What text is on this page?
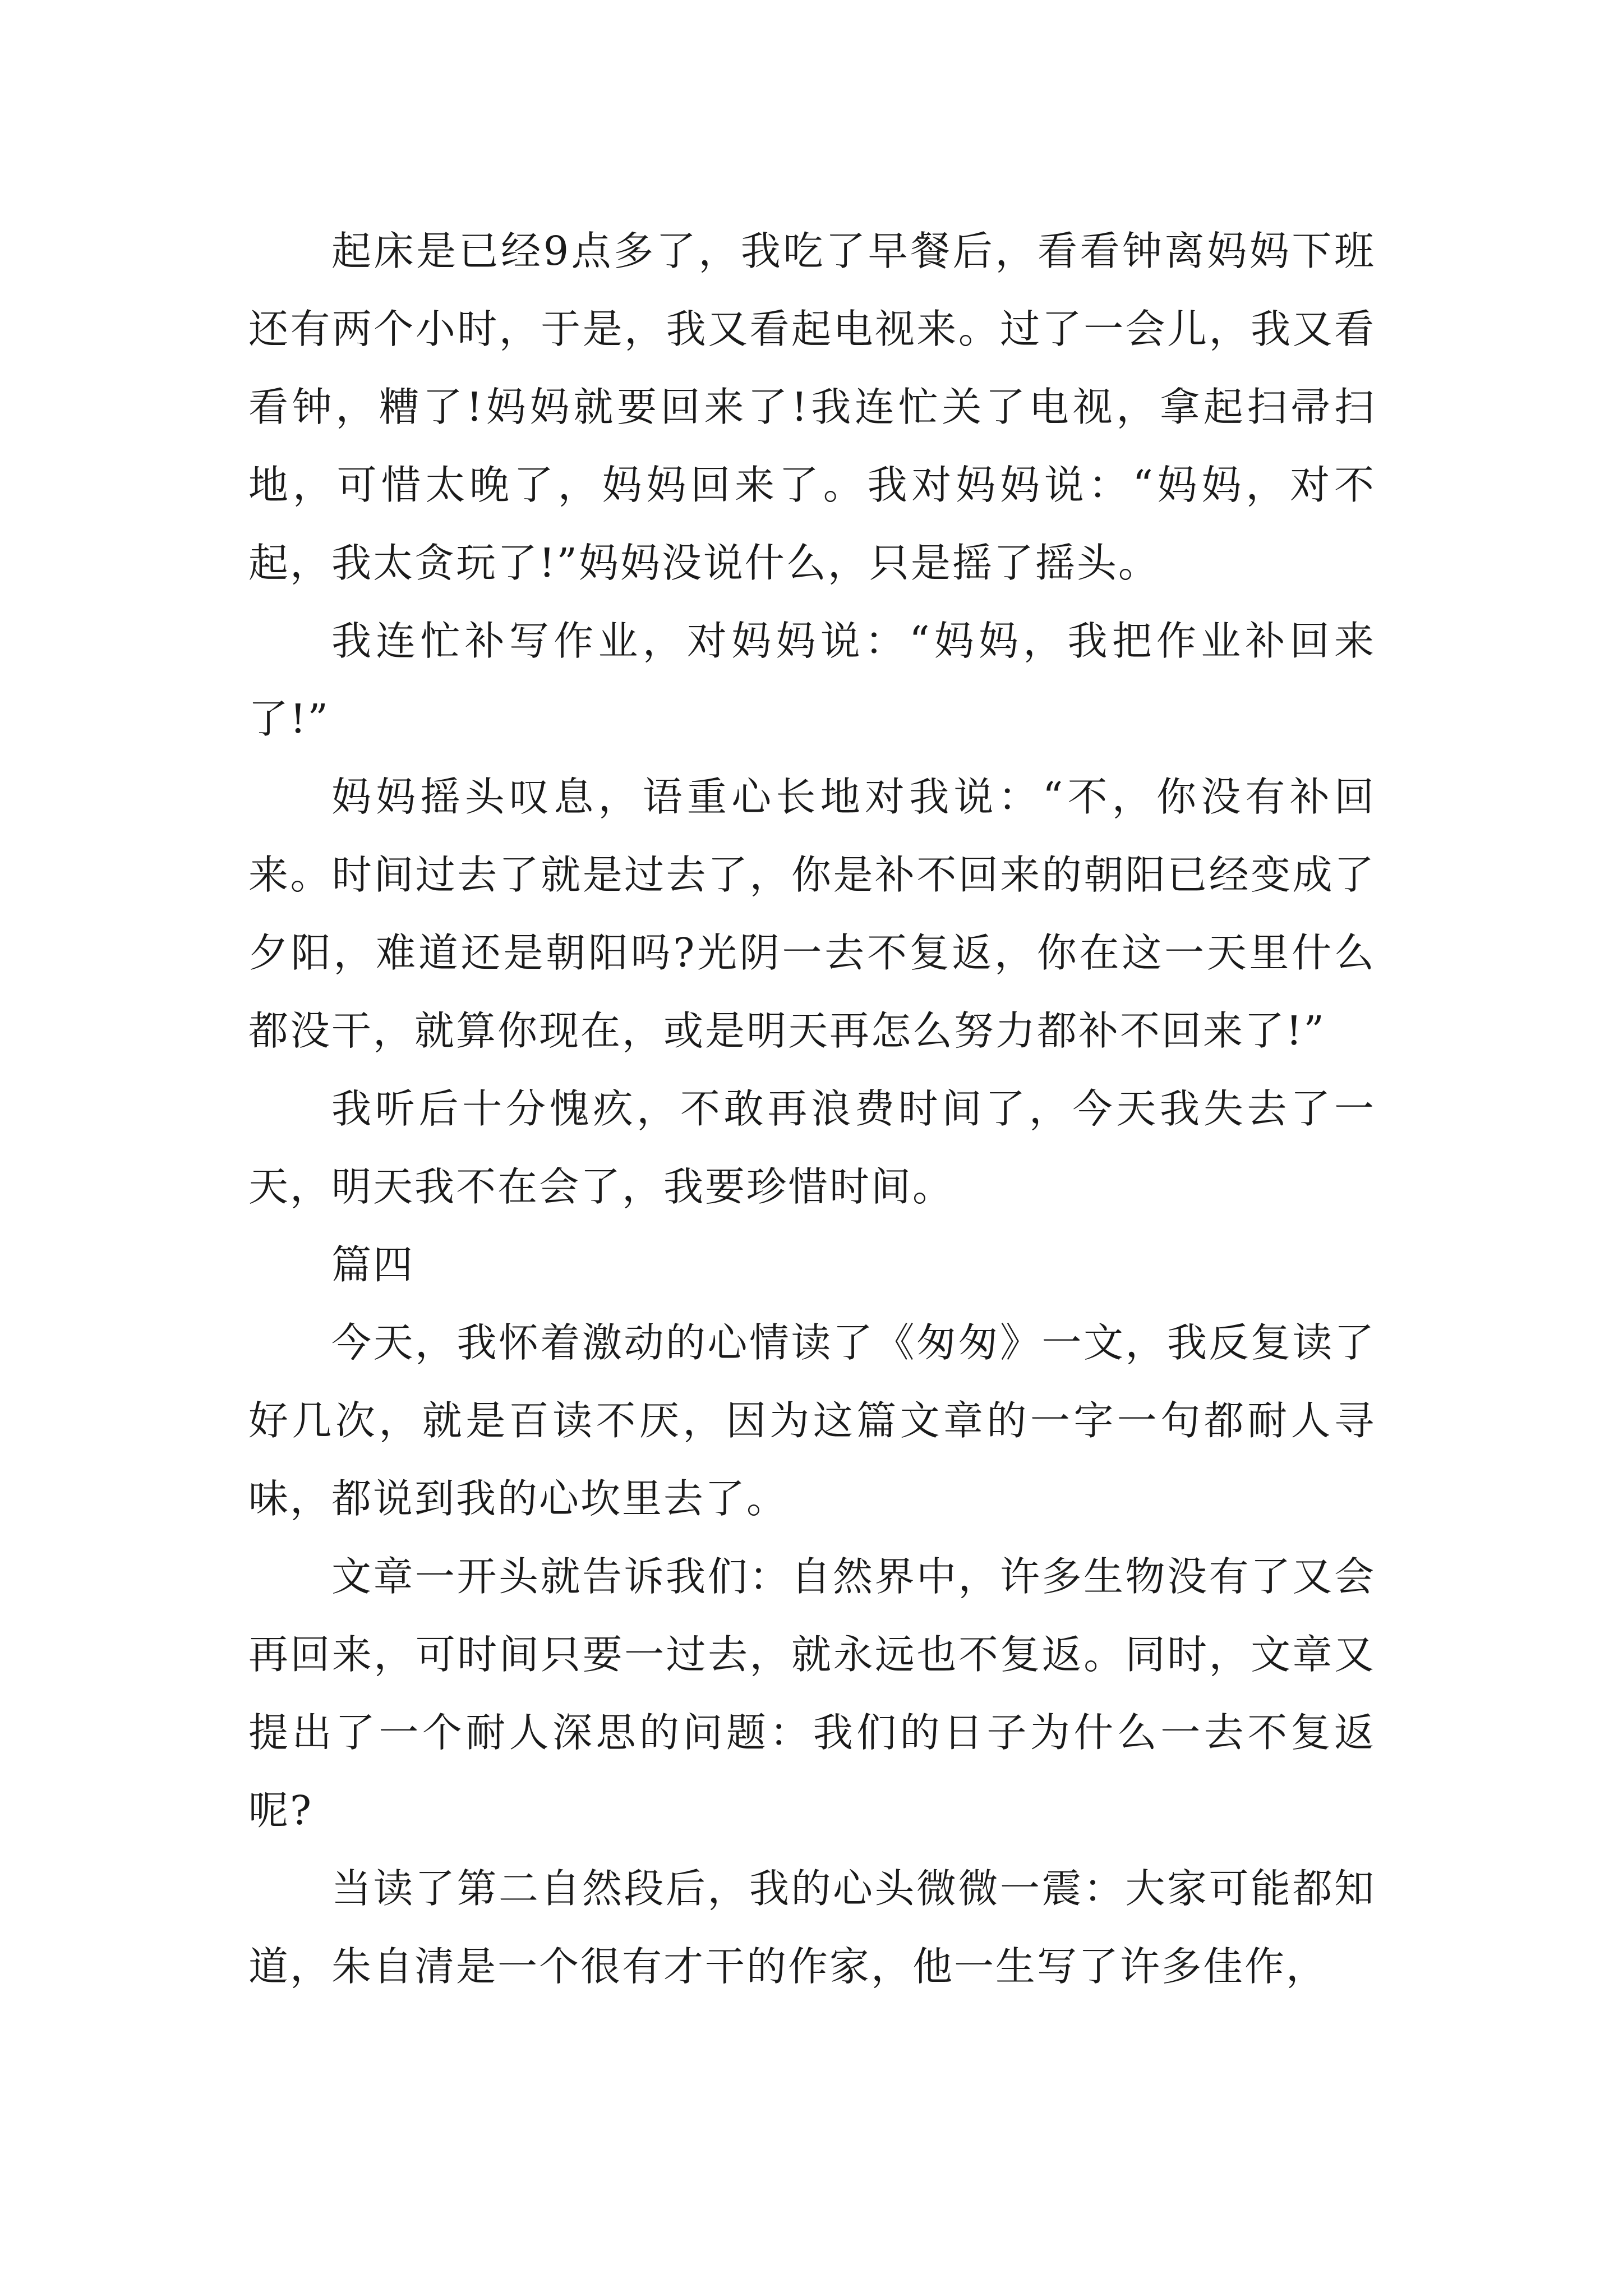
起床是已经9点多了，我吃了早餐后，看看钟离妈妈下班还有两个小时，于是，我又看起电视来。过了一会儿，我又看看钟，糟了!妈妈就要回来了!我连忙关了电视，拿起扫帚扫地，可惜太晚了，妈妈回来了。我对妈妈说：“妈妈，对不起，我太贪玩了!”妈妈没说什么，只是摇了摇头。

我连忙补写作业，对妈妈说：“妈妈，我把作业补回来了!”

妈妈摇头叹息，语重心长地对我说：“不，你没有补回来。时间过去了就是过去了，你是补不回来的朝阳已经变成了夕阳，难道还是朝阳吗?光阴一去不复返，你在这一天里什么都没干，就算你现在，或是明天再怎么努力都补不回来了!”

我听后十分愧疚，不敢再浪费时间了，今天我失去了一天，明天我不在会了，我要珍惜时间。

篇四

今天，我怀着激动的心情读了《匆匆》一文，我反复读了好几次，就是百读不厌，因为这篇文章的一字一句都耐人寻味，都说到我的心坎里去了。

文章一开头就告诉我们：自然界中，许多生物没有了又会再回来，可时间只要一过去，就永远也不复返。同时，文章又提出了一个耐人深思的问题：我们的日子为什么一去不复返呢?

当读了第二自然段后，我的心头微微一震：大家可能都知道，朱自清是一个很有才干的作家，他一生写了许多佳作，
